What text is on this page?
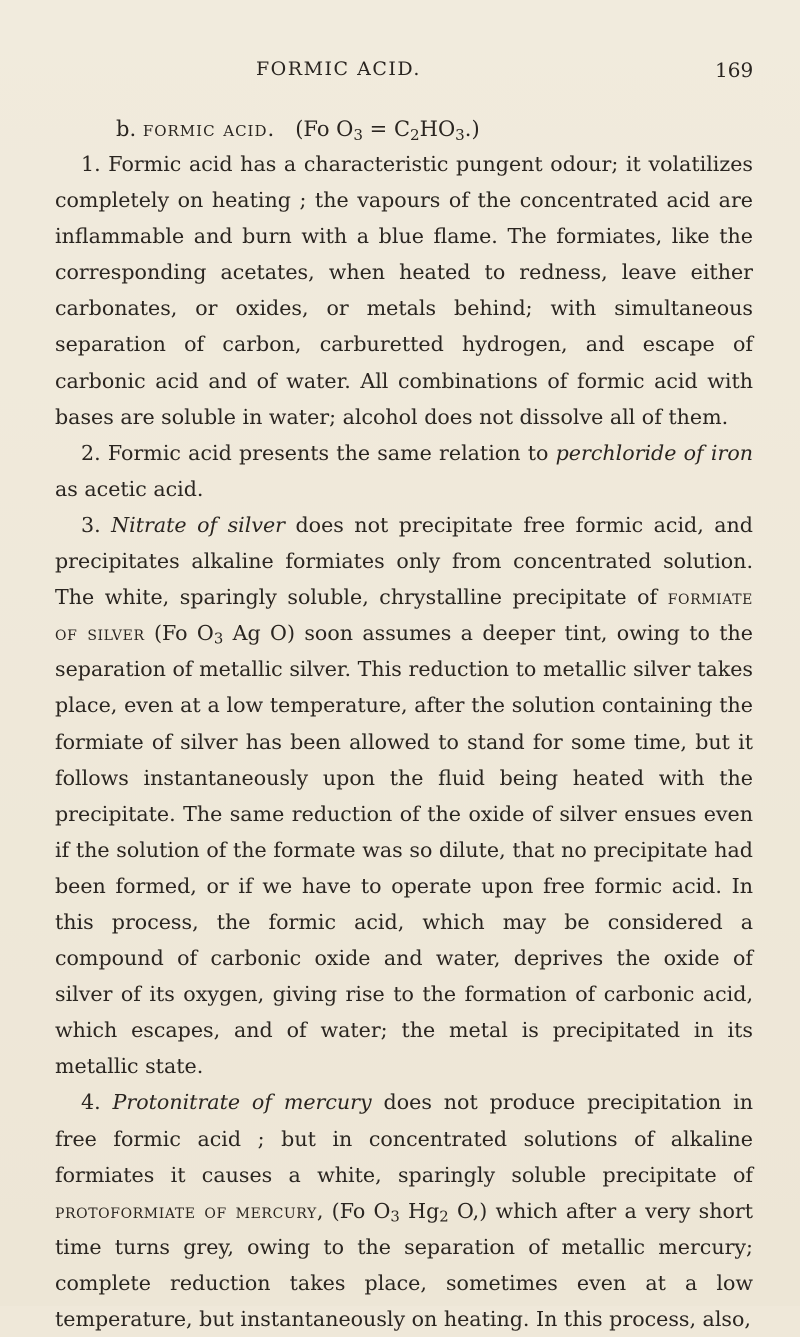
FORMIC ACID.	169
b. formic acid. (Fo $O_3 = C_2HO_3$.)

1. Formic acid has a characteristic pungent odour; it volatilizes completely on heating ; the vapours of the concentrated acid are inflammable and burn with a blue flame. The formiates, like the corresponding acetates, when heated to redness, leave either carbonates, or oxides, or metals behind; with simultaneous separation of carbon, carburetted hydrogen, and escape of carbonic acid and of water. All combinations of formic acid with bases are soluble in water; alcohol does not dissolve all of them.

2. Formic acid presents the same relation to perchloride of iron as acetic acid.

3. Nitrate of silver does not precipitate free formic acid, and precipitates alkaline formiates only from concentrated solution. The white, sparingly soluble, chrystalline precipitate of formiate of silver (Fo $O_3$ Ag O) soon assumes a deeper tint, owing to the separation of metallic silver. This reduction to metallic silver takes place, even at a low temperature, after the solution containing the formiate of silver has been allowed to stand for some time, but it follows instantaneously upon the fluid being heated with the precipitate. The same reduction of the oxide of silver ensues even if the solution of the formate was so dilute, that no precipitate had been formed, or if we have to operate upon free formic acid. In this process, the formic acid, which may be considered a compound of carbonic oxide and water, deprives the oxide of silver of its oxygen, giving rise to the formation of carbonic acid, which escapes, and of water; the metal is precipitated in its metallic state.

4. Protonitrate of mercury does not produce precipitation in free formic acid ; but in concentrated solutions of alkaline formiates it causes a white, sparingly soluble precipitate of protoformiate of mercury, (Fo $O_3$ $Hg_2$ O,) which after a very short time turns grey, owing to the separation of metallic mercury; complete reduction takes place, sometimes even at a low temperature, but instantaneously on heating. In this process, also,
